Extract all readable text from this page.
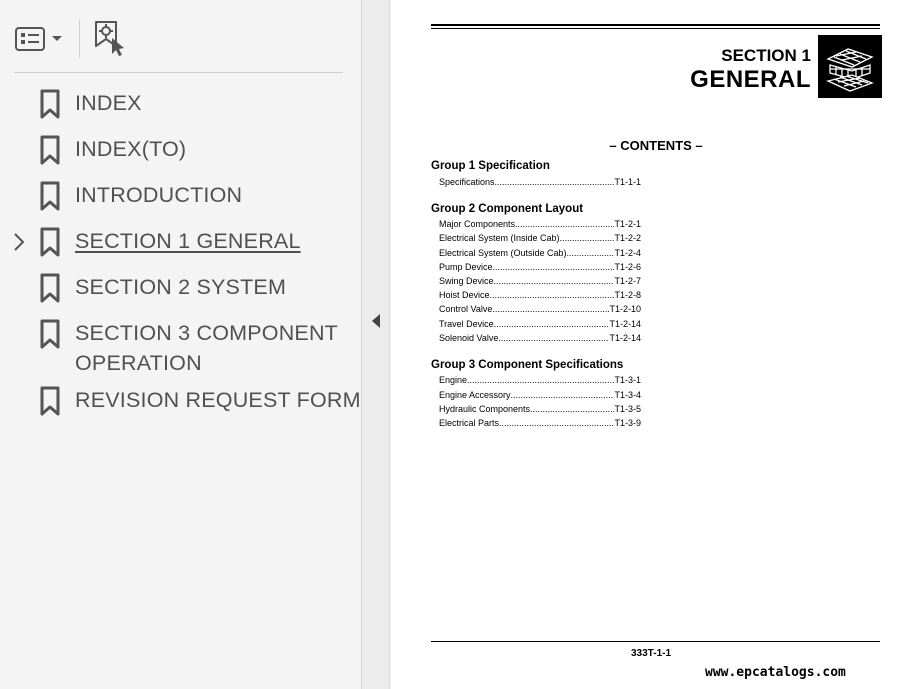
INDEX
INDEX(TO)
INTRODUCTION
SECTION 1 GENERAL
SECTION 2 SYSTEM
SECTION 3 COMPONENT
OPERATION
REVISION REQUEST FORM
SECTION 1
GENERAL
– CONTENTS –
Group 1 Specification
Specifications .....	T1-1-1
Group 2 Component Layout
Major Components .....	T1-2-1
Electrical System (Inside Cab) .....	T1-2-2
Electrical System (Outside Cab) .....	T1-2-4
Pump Device .....	T1-2-6
Swing Device .....	T1-2-7
Hoist Device .....	T1-2-8
Control Valve .....	T1-2-10
Travel Device .....	T1-2-14
Solenoid Valve .....	T1-2-14
Group 3 Component Specifications
Engine .....	T1-3-1
Engine Accessory .....	T1-3-4
Hydraulic Components .....	T1-3-5
Electrical Parts .....	T1-3-9
333T-1-1
www.epcatalogs.com
